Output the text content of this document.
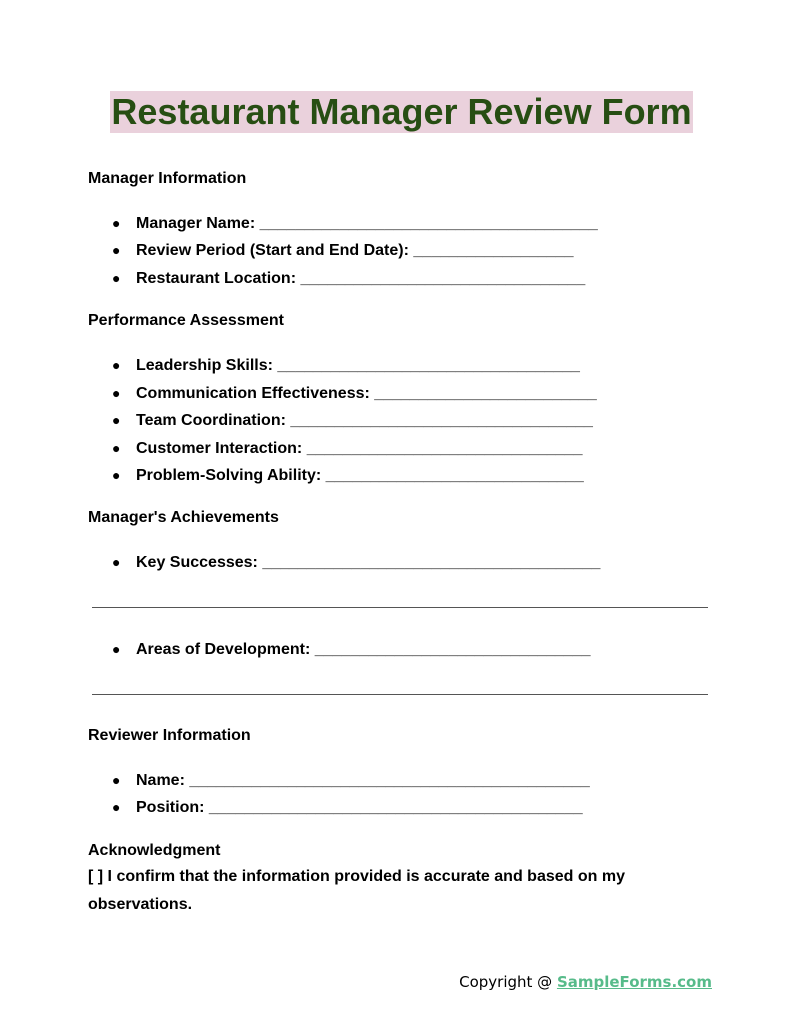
Restaurant Manager Review Form
Manager Information
● Manager Name: ______________________________________
● Review Period (Start and End Date): __________________
● Restaurant Location: ________________________________
Performance Assessment
● Leadership Skills: __________________________________
● Communication Effectiveness: _________________________
● Team Coordination: __________________________________
● Customer Interaction: _______________________________
● Problem-Solving Ability: _____________________________
Manager's Achievements
● Key Successes: ______________________________________
● Areas of Development: _______________________________
Reviewer Information
● Name: _____________________________________________
● Position: __________________________________________
Acknowledgment
[ ] I confirm that the information provided is accurate and based on my
observations.
Copyright @ SampleForms.com
